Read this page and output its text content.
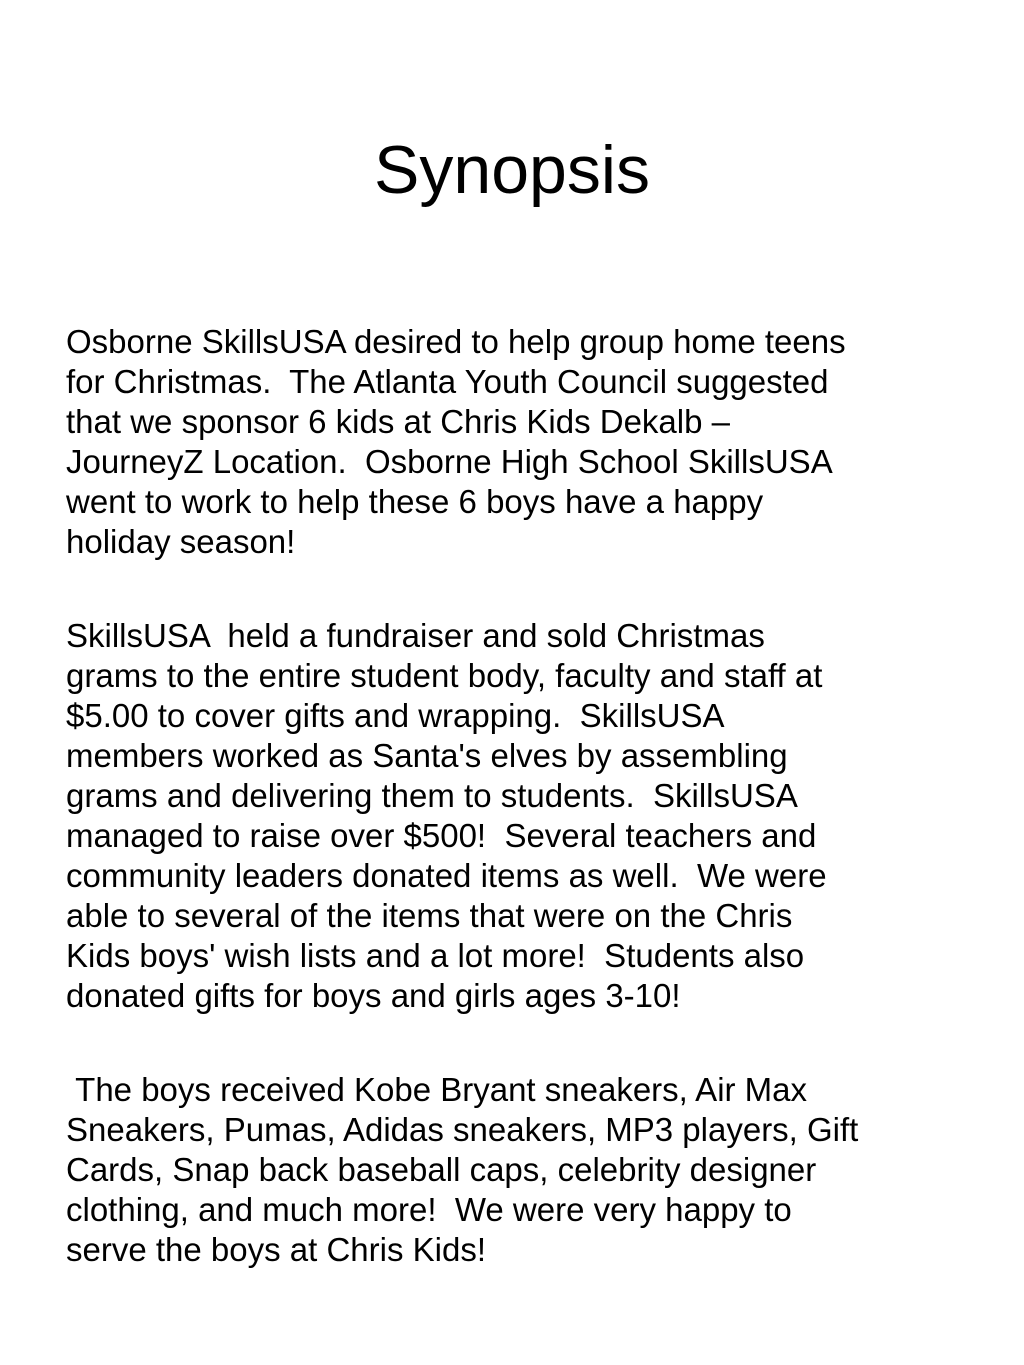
Synopsis

Osborne SkillsUSA desired to help group home teens
for Christmas.  The Atlanta Youth Council suggested
that we sponsor 6 kids at Chris Kids Dekalb –
JourneyZ Location.  Osborne High School SkillsUSA
went to work to help these 6 boys have a happy
holiday season!

SkillsUSA  held a fundraiser and sold Christmas
grams to the entire student body, faculty and staff at
$5.00 to cover gifts and wrapping.  SkillsUSA
members worked as Santa's elves by assembling
grams and delivering them to students.  SkillsUSA
managed to raise over $500!  Several teachers and
community leaders donated items as well.  We were
able to several of the items that were on the Chris
Kids boys' wish lists and a lot more!  Students also
donated gifts for boys and girls ages 3-10!

The boys received Kobe Bryant sneakers, Air Max
Sneakers, Pumas, Adidas sneakers, MP3 players, Gift
Cards, Snap back baseball caps, celebrity designer
clothing, and much more!  We were very happy to
serve the boys at Chris Kids!
